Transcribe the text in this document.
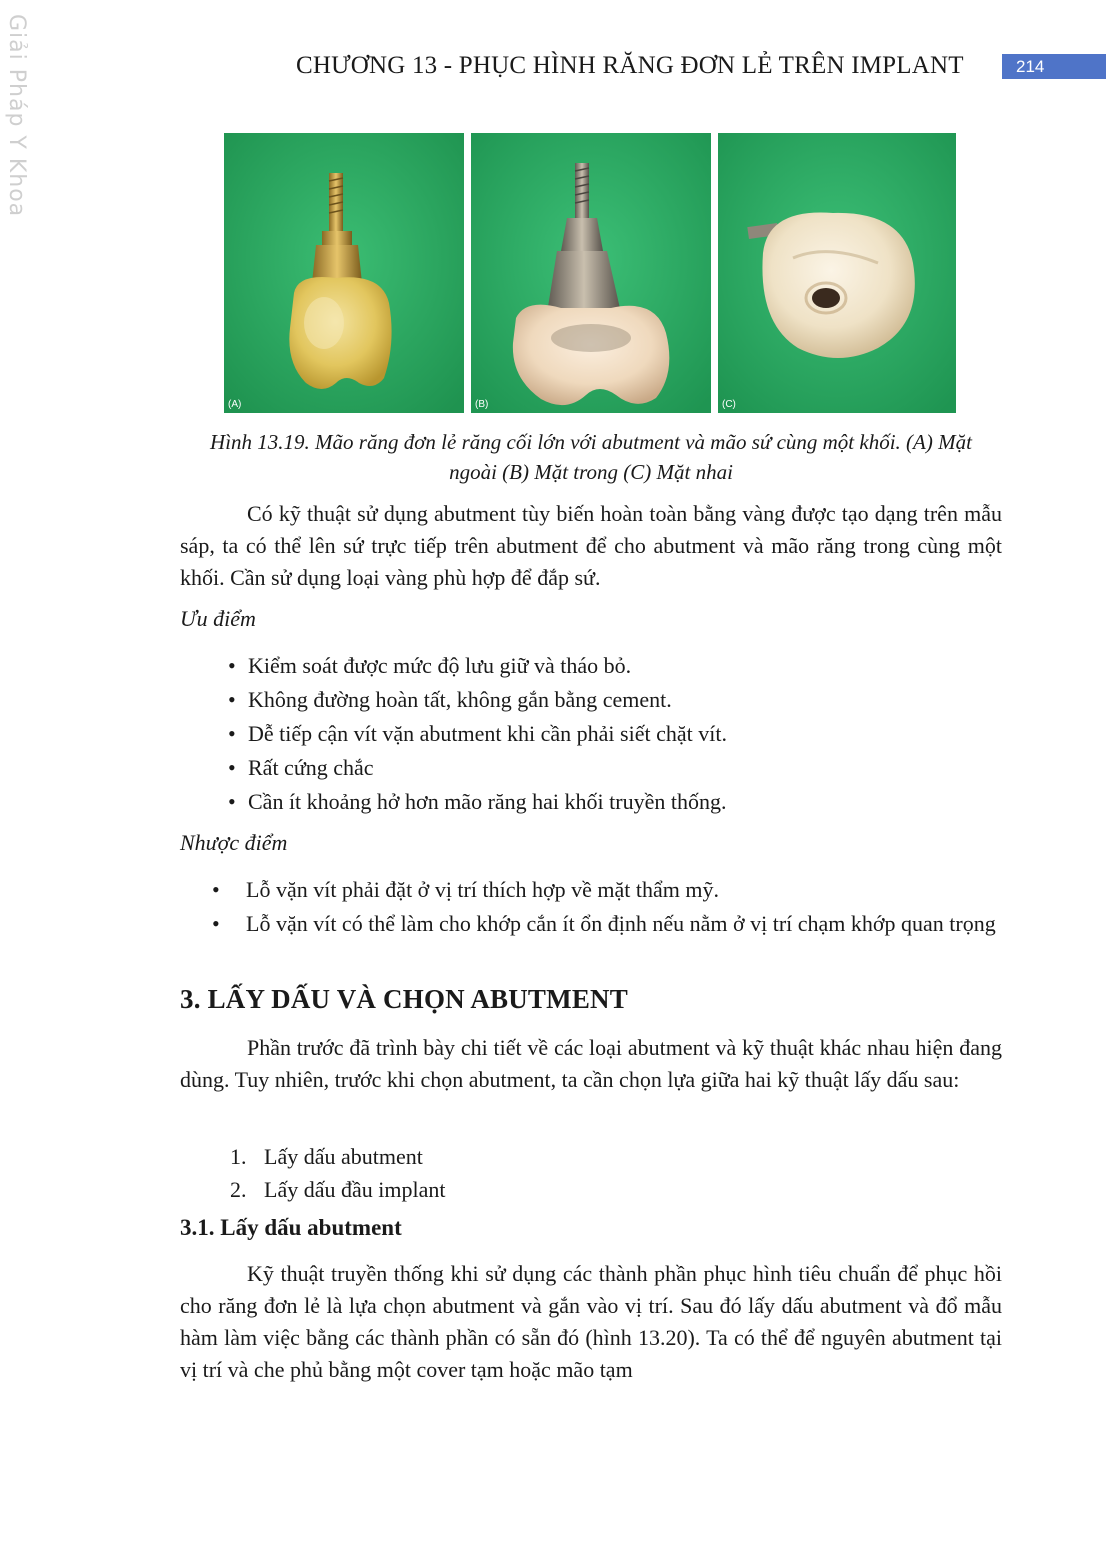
Giải Pháp Y Khoa	CHƯƠNG 13 - PHỤC HÌNH RĂNG ĐƠN LẺ TRÊN IMPLANT	214
(A)	(B)	(C)
Hình 13.19. Mão răng đơn lẻ răng cối lớn với abutment và mão sứ cùng một khối. (A) Mặt
ngoài (B) Mặt trong (C) Mặt nhai
Có kỹ thuật sử dụng abutment tùy biến hoàn toàn bằng vàng được tạo dạng trên mẫu sáp, ta có thể lên sứ trực tiếp trên abutment để cho abutment và mão răng trong cùng một khối. Cần sử dụng loại vàng phù hợp để đắp sứ.
Ưu điểm
• Kiểm soát được mức độ lưu giữ và tháo bỏ.
• Không đường hoàn tất, không gắn bằng cement.
• Dễ tiếp cận vít vặn abutment khi cần phải siết chặt vít.
• Rất cứng chắc
• Cần ít khoảng hở hơn mão răng hai khối truyền thống.
Nhược điểm
• Lỗ vặn vít phải đặt ở vị trí thích hợp về mặt thẩm mỹ.
• Lỗ vặn vít có thể làm cho khớp cắn ít ổn định nếu nằm ở vị trí chạm khớp quan trọng
3. LẤY DẤU VÀ CHỌN ABUTMENT
Phần trước đã trình bày chi tiết về các loại abutment và kỹ thuật khác nhau hiện đang dùng. Tuy nhiên, trước khi chọn abutment, ta cần chọn lựa giữa hai kỹ thuật lấy dấu sau:
1. Lấy dấu abutment
2. Lấy dấu đầu implant
3.1. Lấy dấu abutment
Kỹ thuật truyền thống khi sử dụng các thành phần phục hình tiêu chuẩn để phục hồi cho răng đơn lẻ là lựa chọn abutment và gắn vào vị trí. Sau đó lấy dấu abutment và đổ mẫu hàm làm việc bằng các thành phần có sẵn đó (hình 13.20). Ta có thể để nguyên abutment tại vị trí và che phủ bằng một cover tạm hoặc mão tạm
